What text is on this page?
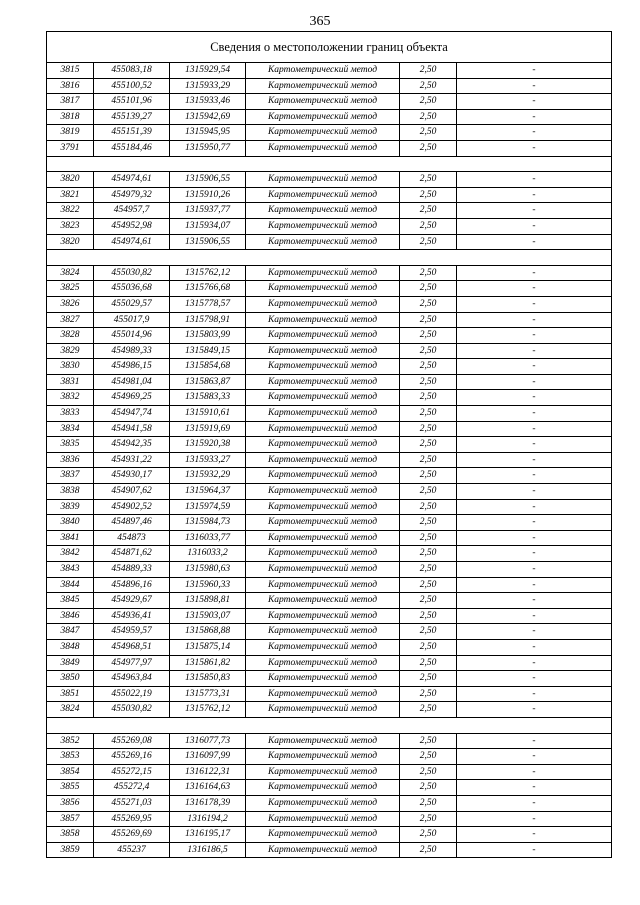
365
Сведения о местоположении границ объекта					
3815	455083,18	1315929,54	Картометрический метод	2,50	-
3816	455100,52	1315933,29	Картометрический метод	2,50	-
3817	455101,96	1315933,46	Картометрический метод	2,50	-
3818	455139,27	1315942,69	Картометрический метод	2,50	-
3819	455151,39	1315945,95	Картометрический метод	2,50	-
3791	455184,46	1315950,77	Картометрический метод	2,50	-

3820	454974,61	1315906,55	Картометрический метод	2,50	-
3821	454979,32	1315910,26	Картометрический метод	2,50	-
3822	454957,7	1315937,77	Картометрический метод	2,50	-
3823	454952,98	1315934,07	Картометрический метод	2,50	-
3820	454974,61	1315906,55	Картометрический метод	2,50	-

3824	455030,82	1315762,12	Картометрический метод	2,50	-
3825	455036,68	1315766,68	Картометрический метод	2,50	-
3826	455029,57	1315778,57	Картометрический метод	2,50	-
3827	455017,9	1315798,91	Картометрический метод	2,50	-
3828	455014,96	1315803,99	Картометрический метод	2,50	-
3829	454989,33	1315849,15	Картометрический метод	2,50	-
3830	454986,15	1315854,68	Картометрический метод	2,50	-
3831	454981,04	1315863,87	Картометрический метод	2,50	-
3832	454969,25	1315883,33	Картометрический метод	2,50	-
3833	454947,74	1315910,61	Картометрический метод	2,50	-
3834	454941,58	1315919,69	Картометрический метод	2,50	-
3835	454942,35	1315920,38	Картометрический метод	2,50	-
3836	454931,22	1315933,27	Картометрический метод	2,50	-
3837	454930,17	1315932,29	Картометрический метод	2,50	-
3838	454907,62	1315964,37	Картометрический метод	2,50	-
3839	454902,52	1315974,59	Картометрический метод	2,50	-
3840	454897,46	1315984,73	Картометрический метод	2,50	-
3841	454873	1316033,77	Картометрический метод	2,50	-
3842	454871,62	1316033,2	Картометрический метод	2,50	-
3843	454889,33	1315980,63	Картометрический метод	2,50	-
3844	454896,16	1315960,33	Картометрический метод	2,50	-
3845	454929,67	1315898,81	Картометрический метод	2,50	-
3846	454936,41	1315903,07	Картометрический метод	2,50	-
3847	454959,57	1315868,88	Картометрический метод	2,50	-
3848	454968,51	1315875,14	Картометрический метод	2,50	-
3849	454977,97	1315861,82	Картометрический метод	2,50	-
3850	454963,84	1315850,83	Картометрический метод	2,50	-
3851	455022,19	1315773,31	Картометрический метод	2,50	-
3824	455030,82	1315762,12	Картометрический метод	2,50	-

3852	455269,08	1316077,73	Картометрический метод	2,50	-
3853	455269,16	1316097,99	Картометрический метод	2,50	-
3854	455272,15	1316122,31	Картометрический метод	2,50	-
3855	455272,4	1316164,63	Картометрический метод	2,50	-
3856	455271,03	1316178,39	Картометрический метод	2,50	-
3857	455269,95	1316194,2	Картометрический метод	2,50	-
3858	455269,69	1316195,17	Картометрический метод	2,50	-
3859	455237	1316186,5	Картометрический метод	2,50	-
